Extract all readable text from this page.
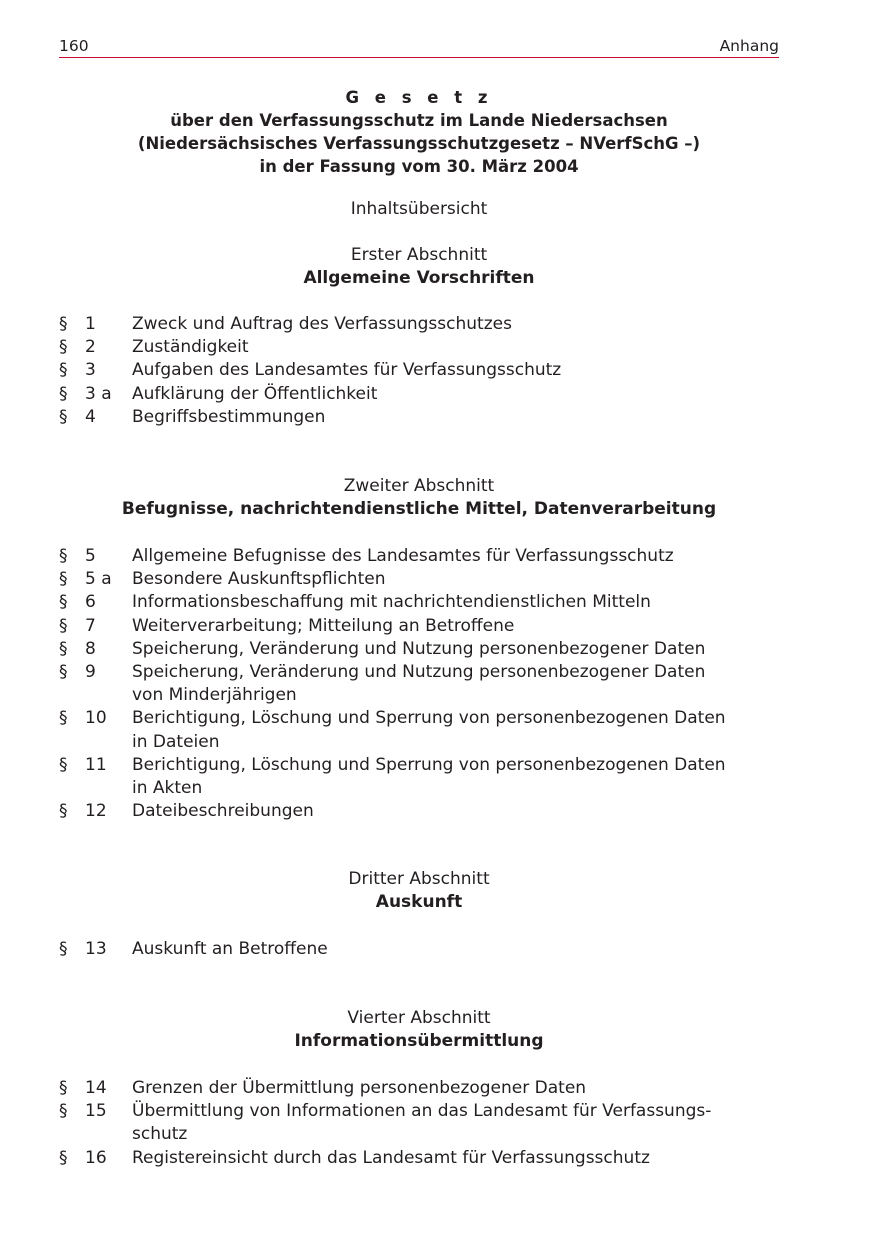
160	Anhang
G e s e t z
über den Verfassungsschutz im Lande Niedersachsen
(Niedersächsisches Verfassungsschutzgesetz – NVerfSchG –)
in der Fassung vom 30. März 2004
Inhaltsübersicht
Erster Abschnitt
Allgemeine Vorschriften
§ 1	Zweck und Auftrag des Verfassungsschutzes
§ 2	Zuständigkeit
§ 3	Aufgaben des Landesamtes für Verfassungsschutz
§ 3 a	Aufklärung der Öffentlichkeit
§ 4	Begriffsbestimmungen
Zweiter Abschnitt
Befugnisse, nachrichtendienstliche Mittel, Datenverarbeitung
§ 5	Allgemeine Befugnisse des Landesamtes für Verfassungsschutz
§ 5 a	Besondere Auskunftspflichten
§ 6	Informationsbeschaffung mit nachrichtendienstlichen Mitteln
§ 7	Weiterverarbeitung; Mitteilung an Betroffene
§ 8	Speicherung, Veränderung und Nutzung personenbezogener Daten
§ 9	Speicherung, Veränderung und Nutzung personenbezogener Daten
von Minderjährigen
§ 10	Berichtigung, Löschung und Sperrung von personenbezogenen Daten
in Dateien
§ 11	Berichtigung, Löschung und Sperrung von personenbezogenen Daten
in Akten
§ 12	Dateibeschreibungen
Dritter Abschnitt
Auskunft
§ 13	Auskunft an Betroffene
Vierter Abschnitt
Informationsübermittlung
§ 14	Grenzen der Übermittlung personenbezogener Daten
§ 15	Übermittlung von Informationen an das Landesamt für Verfassungs-
schutz
§ 16	Registereinsicht durch das Landesamt für Verfassungsschutz
